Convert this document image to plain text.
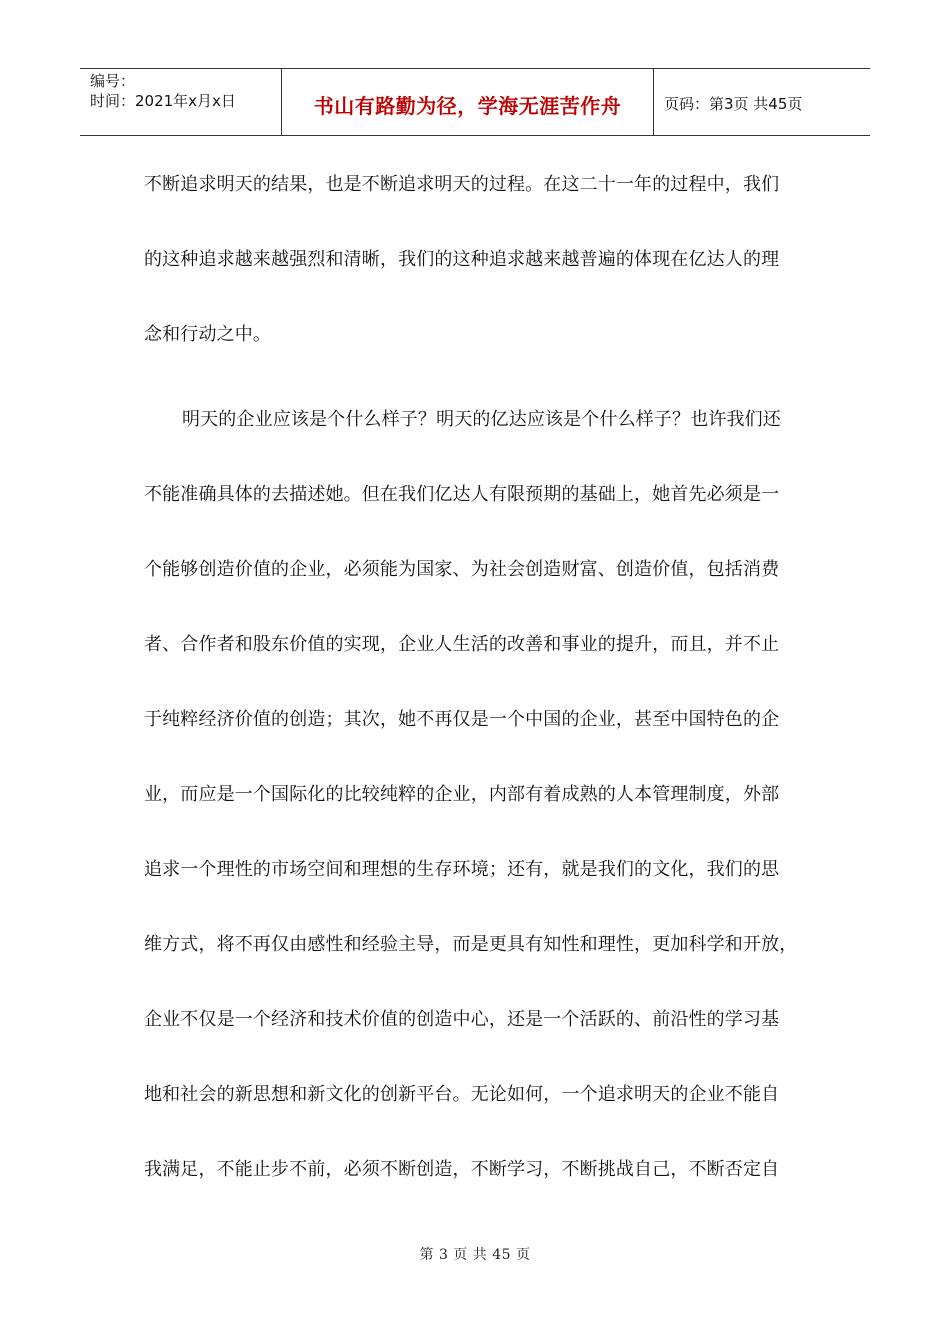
编号：
时间：2021年x月x日	书山有路勤为径，学海无涯苦作舟	页码：第3页 共45页
不断追求明天的结果，也是不断追求明天的过程。在这二十一年的过程中，我们
的这种追求越来越强烈和清晰，我们的这种追求越来越普遍的体现在亿达人的理
念和行动之中。
明天的企业应该是个什么样子？明天的亿达应该是个什么样子？也许我们还
不能准确具体的去描述她。但在我们亿达人有限预期的基础上，她首先必须是一
个能够创造价值的企业，必须能为国家、为社会创造财富、创造价值，包括消费
者、合作者和股东价值的实现，企业人生活的改善和事业的提升，而且，并不止
于纯粹经济价值的创造；其次，她不再仅是一个中国的企业，甚至中国特色的企
业，而应是一个国际化的比较纯粹的企业，内部有着成熟的人本管理制度，外部
追求一个理性的市场空间和理想的生存环境；还有，就是我们的文化，我们的思
维方式，将不再仅由感性和经验主导，而是更具有知性和理性，更加科学和开放，
企业不仅是一个经济和技术价值的创造中心，还是一个活跃的、前沿性的学习基
地和社会的新思想和新文化的创新平台。无论如何，一个追求明天的企业不能自
我满足，不能止步不前，必须不断创造，不断学习，不断挑战自己，不断否定自
第 3 页 共 45 页
